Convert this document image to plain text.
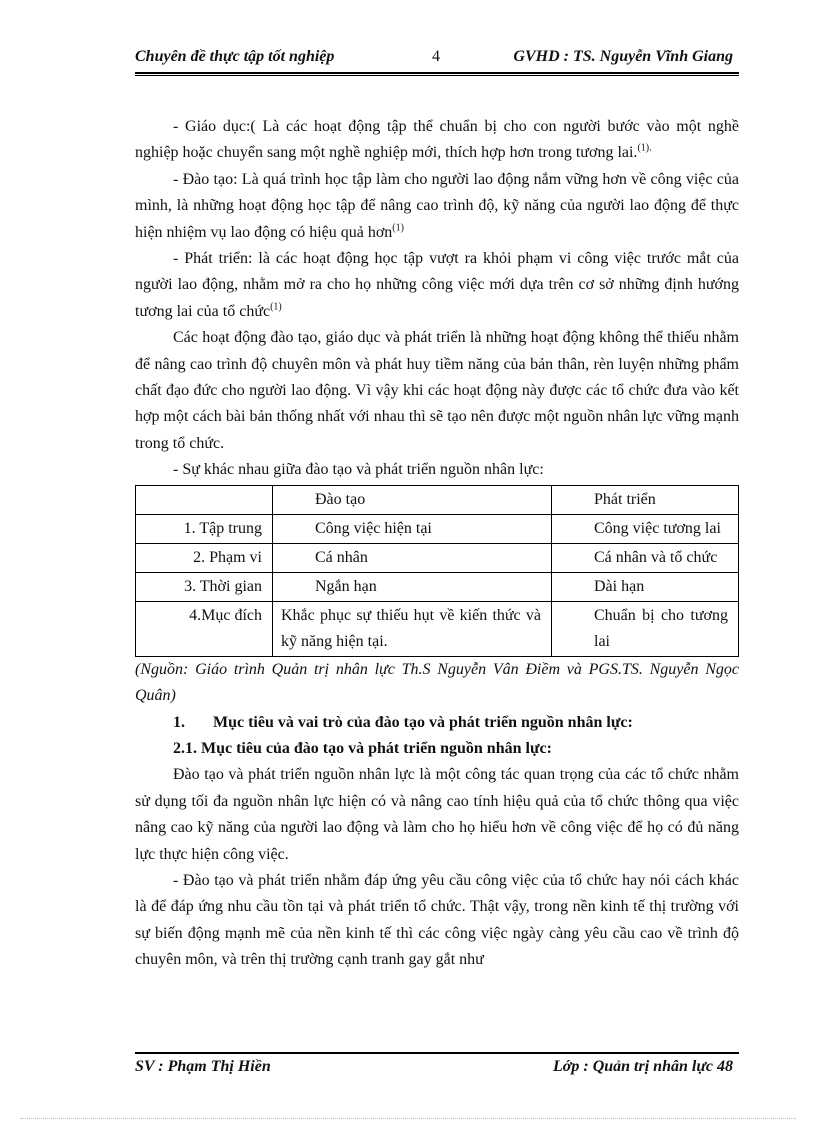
Chuyên đề thực tập tốt nghiệp	4	GVHD : TS. Nguyễn Vĩnh Giang

- Giáo dục:( Là các hoạt động tập thể chuẩn bị cho con người bước vào một nghề nghiệp hoặc chuyển sang một nghề nghiệp mới, thích hợp hơn trong tương lai.$^{(1).}$

- Đào tạo: Là quá trình học tập làm cho người lao động nắm vững hơn về công việc của mình, là những hoạt động học tập để nâng cao trình độ, kỹ năng của người lao động để thực hiện nhiệm vụ lao động có hiệu quả hơn$^{(1)}$

- Phát triển: là các hoạt động học tập vượt ra khỏi phạm vi công việc trước mắt của người lao động, nhằm mở ra cho họ những công việc mới dựa trên cơ sở những định hướng tương lai của tổ chức$^{(1)}$

Các hoạt động đào tạo, giáo dục và phát triển là những hoạt động không thể thiếu nhằm để nâng cao trình độ chuyên môn và phát huy tiềm năng của bản thân, rèn luyện những phẩm chất đạo đức cho người lao động. Vì vậy khi các hoạt động này được các tổ chức đưa vào kết hợp một cách bài bản thống nhất với nhau thì sẽ tạo nên được một nguồn nhân lực vững mạnh trong tổ chức.

- Sự khác nhau giữa đào tạo và phát triển nguồn nhân lực:

	Đào tạo	Phát triển
1. Tập trung	Công việc hiện tại	Công việc tương lai
2. Phạm vi	Cá nhân	Cá nhân và tổ chức
3. Thời gian	Ngắn hạn	Dài hạn
4.Mục đích	Khắc phục sự thiếu hụt về kiến thức và kỹ năng hiện tại.	Chuẩn bị cho tương lai

(Nguồn: Giáo trình Quản trị nhân lực Th.S Nguyễn Vân Điềm và PGS.TS. Nguyễn Ngọc Quân)

1. Mục tiêu và vai trò của đào tạo và phát triển nguồn nhân lực:

2.1. Mục tiêu của đào tạo và phát triển nguồn nhân lực:

Đào tạo và phát triển nguồn nhân lực là một công tác quan trọng của các tổ chức nhằm sử dụng tối đa nguồn nhân lực hiện có và nâng cao tính hiệu quả của tổ chức thông qua việc nâng cao kỹ năng của người lao động và làm cho họ hiểu hơn về công việc để họ có đủ năng lực thực hiện công việc.

- Đào tạo và phát triển nhằm đáp ứng yêu cầu công việc của tổ chức hay nói cách khác là để đáp ứng nhu cầu tồn tại và phát triển tổ chức. Thật vậy, trong nền kinh tế thị trường với sự biến động mạnh mẽ của nền kinh tế thì các công việc ngày càng yêu cầu cao về trình độ chuyên môn, và trên thị trường cạnh tranh gay gắt như

SV : Phạm Thị Hiền	Lớp : Quản trị nhân lực 48
